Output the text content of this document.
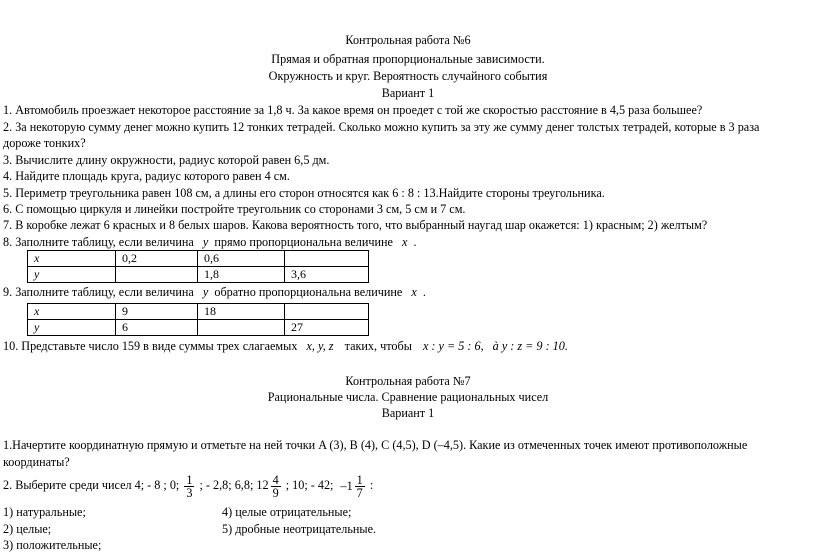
Контрольная работа №6
Прямая и обратная пропорциональные зависимости.
Окружность и круг. Вероятность случайного события
Вариант 1
1. Автомобиль проезжает некоторое расстояние за 1,8 ч. За какое время он проедет с той же скоростью расстояние в 4,5 раза большее?
2. За некоторую сумму денег можно купить 12 тонких тетрадей. Сколько можно купить за эту же сумму денег толстых тетрадей, которые в 3 раза
дороже тонких?
3. Вычислите длину окружности, радиус которой равен 6,5 дм.
4. Найдите площадь круга, радиус которого равен 4 см.
5. Периметр треугольника равен 108 см, а длины его сторон относятся как 6 : 8 : 13.Найдите стороны треугольника.
6. С помощью циркуля и линейки постройте треугольник со сторонами 3 см, 5 см и 7 см.
7. В коробке лежат 6 красных и 8 белых шаров. Какова вероятность того, что выбранный наугад шар окажется: 1) красным; 2) желтым?
8. Заполните таблицу, если величина y прямо пропорциональна величине x .
x	0,2	0,6	
y		1,8	3,6
9. Заполните таблицу, если величина y обратно пропорциональна величине x .
x	9	18	
y	6		27
10. Представьте число 159 в виде суммы трех слагаемых x, y, z таких, чтобы x : y = 5 : 6, à y : z = 9 : 10.
Контрольная работа №7
Рациональные числа. Сравнение рациональных чисел
Вариант 1
1.Начертите координатную прямую и отметьте на ней точки A (3), B (4), C (4,5), D (–4,5). Какие из отмеченных точек имеют противоположные
координаты?
2. Выберите среди чисел 4; - 8 ; 0; $\frac{1}{3}$ ; - 2,8; 6,8; $12 \frac{4}{9}$ ; 10; - 42; $-1 \frac{1}{7}$ :
1) натуральные;	4) целые отрицательные;
2) целые;	5) дробные неотрицательные.
3) положительные;
